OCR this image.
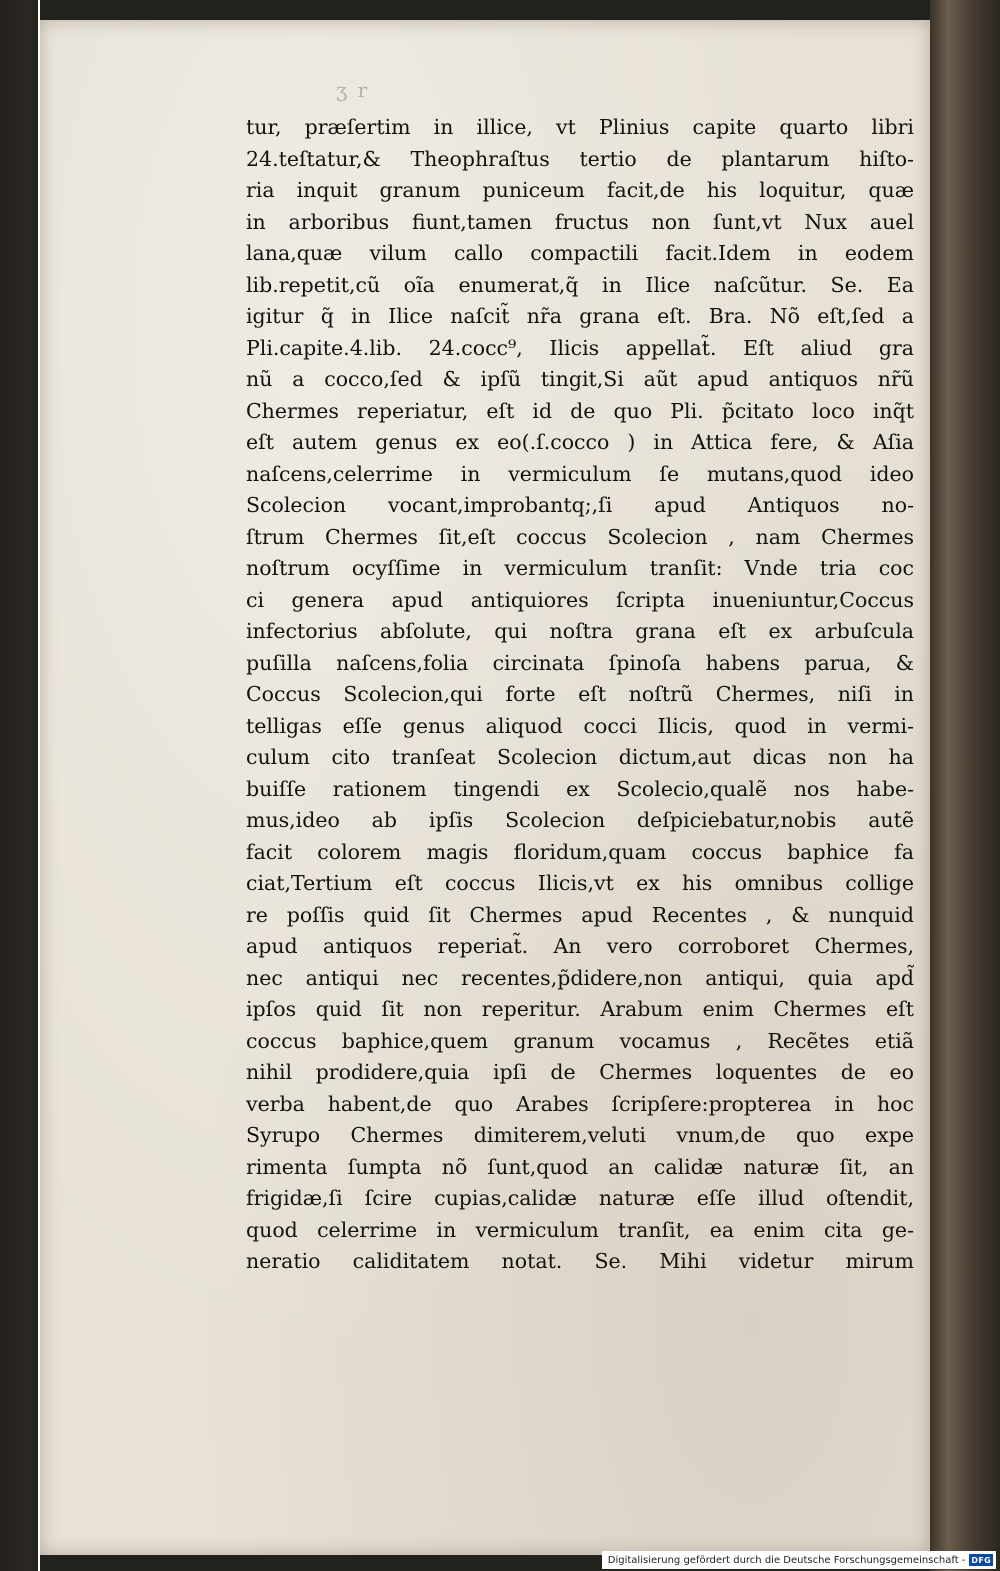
ʒ r
tur, præſertim in illice, vt Plinius capite quarto libri
24.teſtatur,& Theophraſtus tertio de plantarum hiſto-
ria inquit granum puniceum facit,de his loquitur, quæ
in arboribus fiunt,tamen fructus non ſunt,vt Nux auel
lana,quæ vilum callo compactili facit.Idem in eodem
lib.repetit,cũ oĩa enumerat,q̃ in Ilice naſcũtur. Se. Ea
igitur q̃ in Ilice naſcit̃ nr̃a grana eſt. Bra. Nõ eſt,ſed a
Pli.capite.4.lib. 24.cocc⁹, Ilicis appellat̃. Eſt aliud gra
nũ a cocco,ſed & ipſũ tingit,Si aũt apud antiquos nr̃ũ
Chermes reperiatur, eſt id de quo Pli. p̃citato loco inq̃t
eſt autem genus ex eo(.ſ.cocco ) in Attica fere, & Aſia
naſcens,celerrime in vermiculum ſe mutans,quod ideo
Scolecion vocant,improbantq;,ſi apud Antiquos no-
ſtrum Chermes ſit,eſt coccus Scolecion , nam Chermes
noſtrum ocyſſime in vermiculum tranſit: Vnde tria coc
ci genera apud antiquiores ſcripta inueniuntur,Coccus
infectorius abſolute, qui noſtra grana eſt ex arbuſcula
puſilla naſcens,folia circinata ſpinoſa habens parua, &
Coccus Scolecion,qui forte eſt noſtrũ Chermes, niſi in
telligas eſſe genus aliquod cocci Ilicis, quod in vermi-
culum cito tranſeat Scolecion dictum,aut dicas non ha
buiſſe rationem tingendi ex Scolecio,qualẽ nos habe-
mus,ideo ab ipſis Scolecion deſpiciebatur,nobis autẽ
facit colorem magis floridum,quam coccus baphice fa
ciat,Tertium eſt coccus Ilicis,vt ex his omnibus collige
re poſſis quid ſit Chermes apud Recentes , & nunquid
apud antiquos reperiat̃. An vero corroboret Chermes,
nec antiqui nec recentes,p̃didere,non antiqui, quia apd̃
ipſos quid ſit non reperitur. Arabum enim Chermes eſt
coccus baphice,quem granum vocamus , Recẽtes etiã
nihil prodidere,quia ipſi de Chermes loquentes de eo
verba habent,de quo Arabes ſcripſere:propterea in hoc
Syrupo Chermes dimiterem,veluti vnum,de quo expe
rimenta ſumpta nõ ſunt,quod an calidæ naturæ ſit, an
frigidæ,ſi ſcire cupias,calidæ naturæ eſſe illud oſtendit,
quod celerrime in vermiculum tranſit, ea enim cita ge-
neratio caliditatem notat. Se. Mihi videtur mirum
Digitalisierung gefördert durch die Deutsche Forschungsgemeinschaft - DFG
